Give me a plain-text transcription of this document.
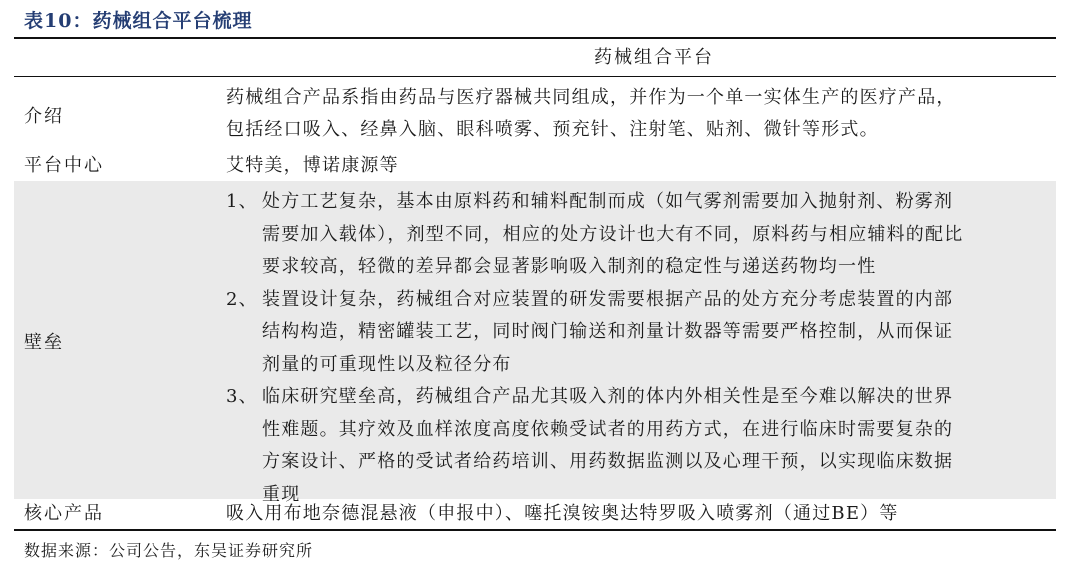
表10：药械组合平台梳理
药械组合平台
介绍
药械组合产品系指由药品与医疗器械共同组成，并作为一个单一实体生产的医疗产品，
包括经口吸入、经鼻入脑、眼科喷雾、预充针、注射笔、贴剂、微针等形式。
平台中心	艾特美，博诺康源等
壁垒
1、 处方工艺复杂，基本由原料药和辅料配制而成（如气雾剂需要加入抛射剂、粉雾剂
需要加入载体），剂型不同，相应的处方设计也大有不同，原料药与相应辅料的配比
要求较高，轻微的差异都会显著影响吸入制剂的稳定性与递送药物均一性
2、 装置设计复杂，药械组合对应装置的研发需要根据产品的处方充分考虑装置的内部
结构构造，精密罐装工艺，同时阀门输送和剂量计数器等需要严格控制，从而保证
剂量的可重现性以及粒径分布
3、 临床研究壁垒高，药械组合产品尤其吸入剂的体内外相关性是至今难以解决的世界
性难题。其疗效及血样浓度高度依赖受试者的用药方式，在进行临床时需要复杂的
方案设计、严格的受试者给药培训、用药数据监测以及心理干预，以实现临床数据
重现
核心产品	吸入用布地奈德混悬液（申报中）、噻托溴铵奥达特罗吸入喷雾剂（通过BE）等
数据来源：公司公告，东吴证券研究所
